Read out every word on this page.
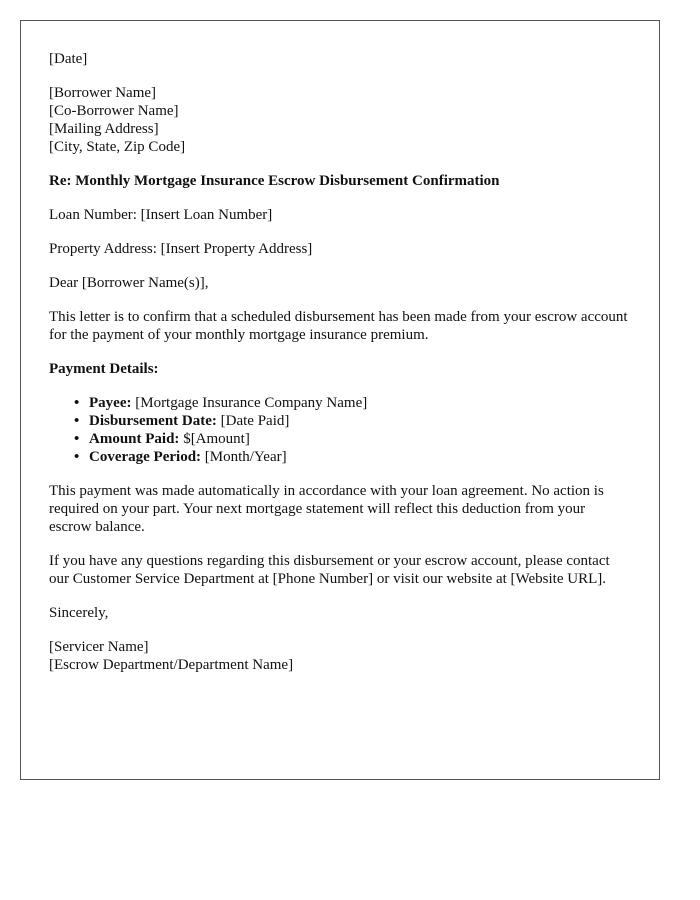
[Date]
[Borrower Name]
[Co-Borrower Name]
[Mailing Address]
[City, State, Zip Code]

Re: Monthly Mortgage Insurance Escrow Disbursement Confirmation

Loan Number: [Insert Loan Number]

Property Address: [Insert Property Address]

Dear [Borrower Name(s)],

This letter is to confirm that a scheduled disbursement has been made from your escrow account for the payment of your monthly mortgage insurance premium.

Payment Details:

• Payee: [Mortgage Insurance Company Name]
• Disbursement Date: [Date Paid]
• Amount Paid: $[Amount]
• Coverage Period: [Month/Year]

This payment was made automatically in accordance with your loan agreement. No action is required on your part. Your next mortgage statement will reflect this deduction from your escrow balance.

If you have any questions regarding this disbursement or your escrow account, please contact our Customer Service Department at [Phone Number] or visit our website at [Website URL].

Sincerely,

[Servicer Name]
[Escrow Department/Department Name]
